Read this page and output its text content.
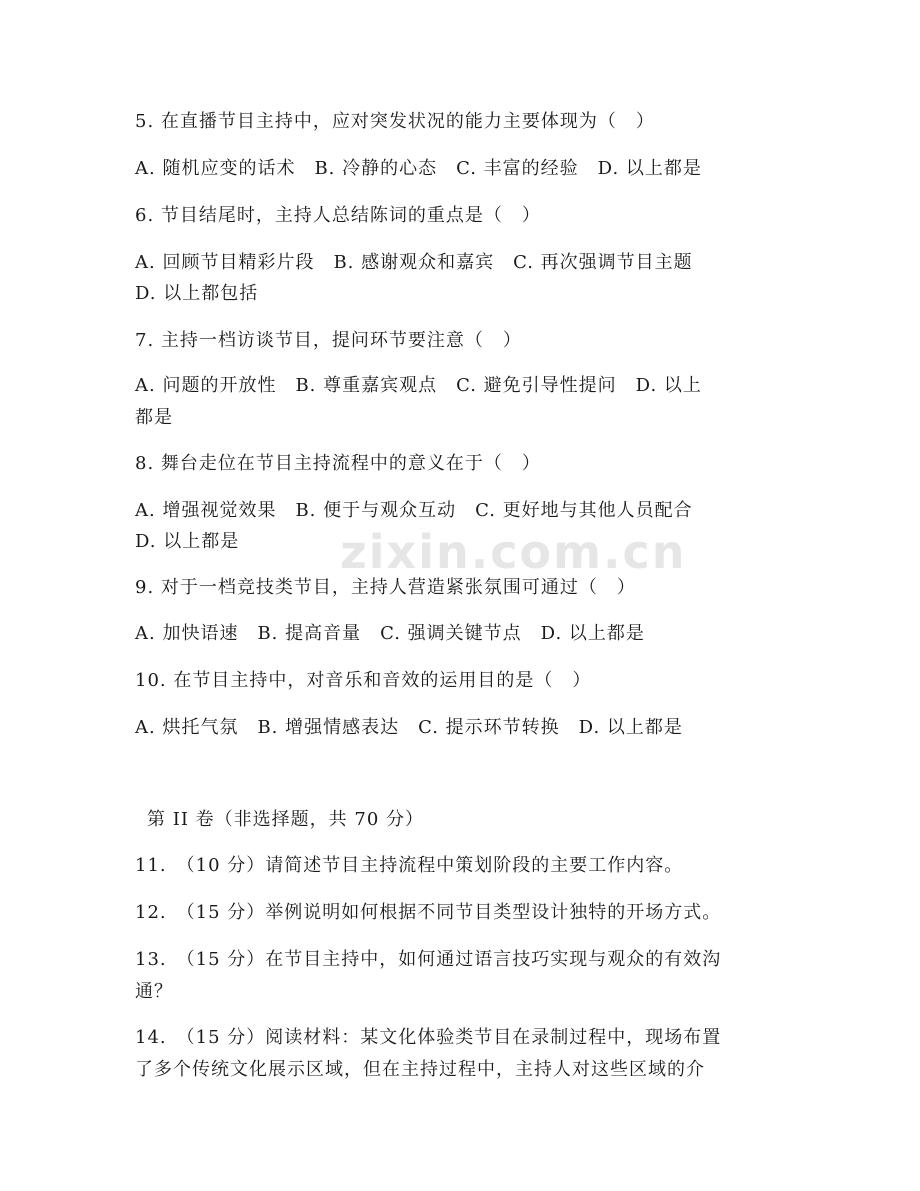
zixin.com.cn
5. 在直播节目主持中，应对突发状况的能力主要体现为（　）
A. 随机应变的话术　B. 冷静的心态　C. 丰富的经验　D. 以上都是
6. 节目结尾时，主持人总结陈词的重点是（　）
A. 回顾节目精彩片段　B. 感谢观众和嘉宾　C. 再次强调节目主题
D. 以上都包括
7. 主持一档访谈节目，提问环节要注意（　）
A. 问题的开放性　B. 尊重嘉宾观点　C. 避免引导性提问　D. 以上
都是
8. 舞台走位在节目主持流程中的意义在于（　）
A. 增强视觉效果　B. 便于与观众互动　C. 更好地与其他人员配合
D. 以上都是
9. 对于一档竞技类节目，主持人营造紧张氛围可通过（　）
A. 加快语速　B. 提高音量　C. 强调关键节点　D. 以上都是
10. 在节目主持中，对音乐和音效的运用目的是（　）
A. 烘托气氛　B. 增强情感表达　C. 提示环节转换　D. 以上都是
第 II 卷（非选择题，共 70 分）
11.　（10 分）请简述节目主持流程中策划阶段的主要工作内容。
12.　（15 分）举例说明如何根据不同节目类型设计独特的开场方式。
13.　（15 分）在节目主持中，如何通过语言技巧实现与观众的有效沟
通？
14.　（15 分）阅读材料：某文化体验类节目在录制过程中，现场布置
了多个传统文化展示区域，但在主持过程中，主持人对这些区域的介
